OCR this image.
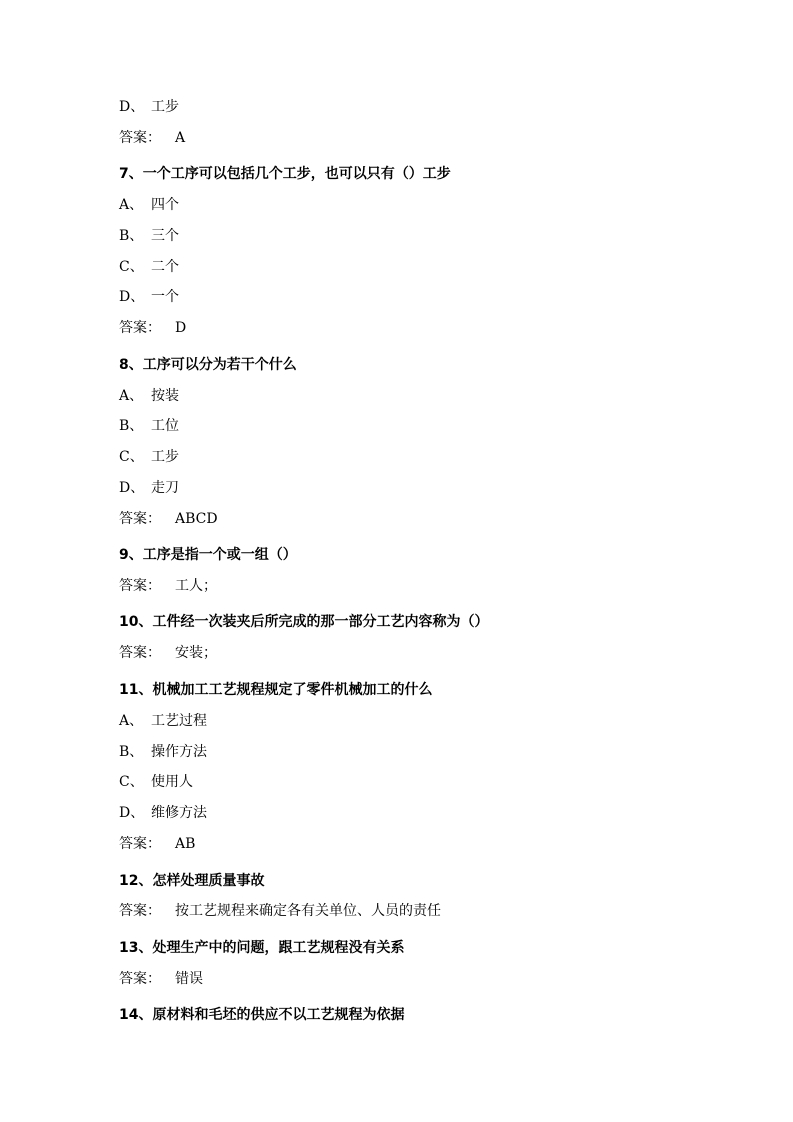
D、 工步
答案： A
7、一个工序可以包括几个工步，也可以只有（）工步
A、 四个
B、 三个
C、 二个
D、 一个
答案： D
8、工序可以分为若干个什么
A、 按装
B、 工位
C、 工步
D、 走刀
答案： ABCD
9、工序是指一个或一组（）
答案： 工人；
10、工件经一次装夹后所完成的那一部分工艺内容称为（）
答案： 安装；
11、机械加工工艺规程规定了零件机械加工的什么
A、 工艺过程
B、 操作方法
C、 使用人
D、 维修方法
答案： AB
12、怎样处理质量事故
答案： 按工艺规程来确定各有关单位、人员的责任
13、处理生产中的问题，跟工艺规程没有关系
答案： 错误
14、原材料和毛坯的供应不以工艺规程为依据
